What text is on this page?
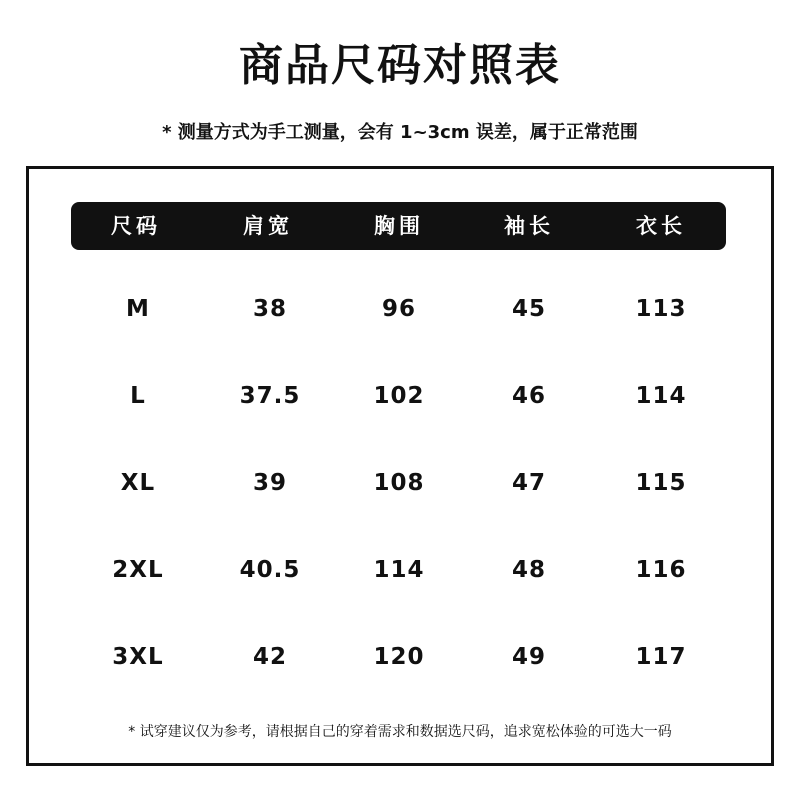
商品尺码对照表
* 测量方式为手工测量，会有 1~3cm 误差，属于正常范围
尺码	肩宽	胸围	袖长	衣长
M	38	96	45	113
L	37.5	102	46	114
XL	39	108	47	115
2XL	40.5	114	48	116
3XL	42	120	49	117
* 试穿建议仅为参考，请根据自己的穿着需求和数据选尺码，追求宽松体验的可选大一码
